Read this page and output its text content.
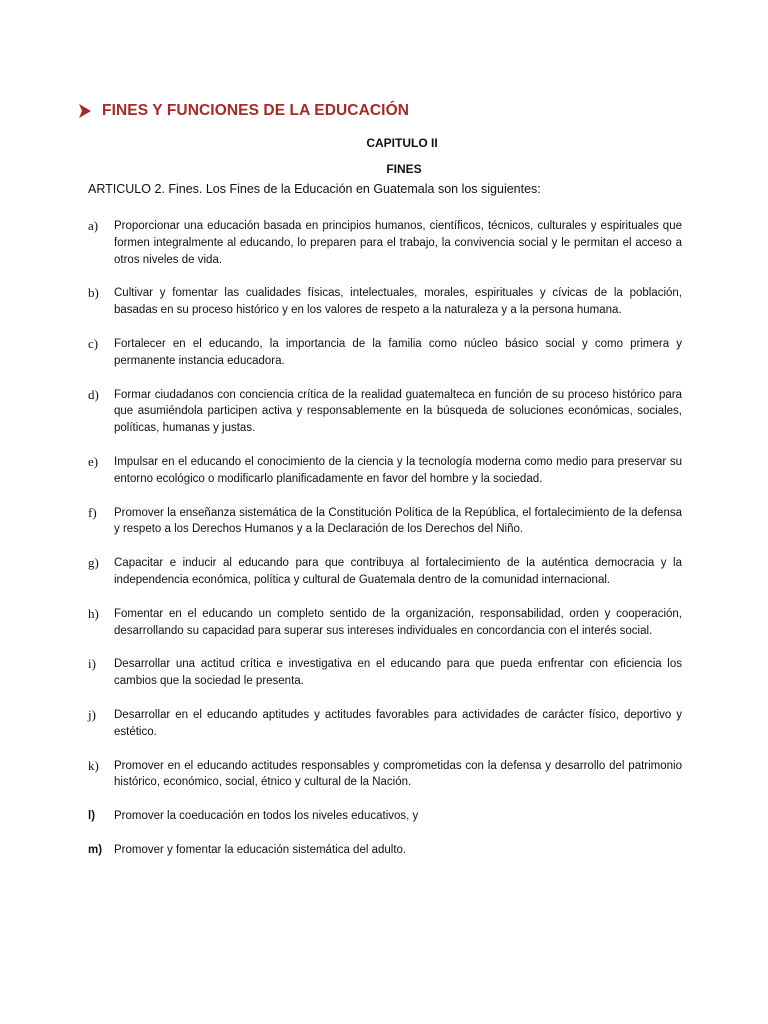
FINES Y FUNCIONES DE LA EDUCACIÓN
CAPITULO II
FINES
ARTICULO 2. Fines. Los Fines de la Educación en Guatemala son los siguientes:
a)	Proporcionar una educación basada en principios humanos, científicos, técnicos, culturales y espirituales que formen integralmente al educando, lo preparen para el trabajo, la convivencia social y le permitan el acceso a otros niveles de vida.
b)	Cultivar y fomentar las cualidades físicas, intelectuales, morales, espirituales y cívicas de la población, basadas en su proceso histórico y en los valores de respeto a la naturaleza y a la persona humana.
c)	Fortalecer en el educando, la importancia de la familia como núcleo básico social y como primera y permanente instancia educadora.
d)	Formar ciudadanos con conciencia crítica de la realidad guatemalteca en función de su proceso histórico para que asumiéndola participen activa y responsablemente en la búsqueda de soluciones económicas, sociales, políticas, humanas y justas.
e)	Impulsar en el educando el conocimiento de la ciencia y la tecnología moderna como medio para preservar su entorno ecológico o modificarlo planificadamente en favor del hombre y la sociedad.
f)	Promover la enseñanza sistemática de la Constitución Política de la República, el fortalecimiento de la defensa y respeto a los Derechos Humanos y a la Declaración de los Derechos del Niño.
g)	Capacitar e inducir al educando para que contribuya al fortalecimiento de la auténtica democracia y la independencia económica, política y cultural de Guatemala dentro de la comunidad internacional.
h)	Fomentar en el educando un completo sentido de la organización, responsabilidad, orden y cooperación, desarrollando su capacidad para superar sus intereses individuales en concordancia con el interés social.
i)	Desarrollar una actitud crítica e investigativa en el educando para que pueda enfrentar con eficiencia los cambios que la sociedad le presenta.
j)	Desarrollar en el educando aptitudes y actitudes favorables para actividades de carácter físico, deportivo y estético.
k)	Promover en el educando actitudes responsables y comprometidas con la defensa y desarrollo del patrimonio histórico, económico, social, étnico y cultural de la Nación.
l)	Promover la coeducación en todos los niveles educativos, y
m)	Promover y fomentar la educación sistemática del adulto.
